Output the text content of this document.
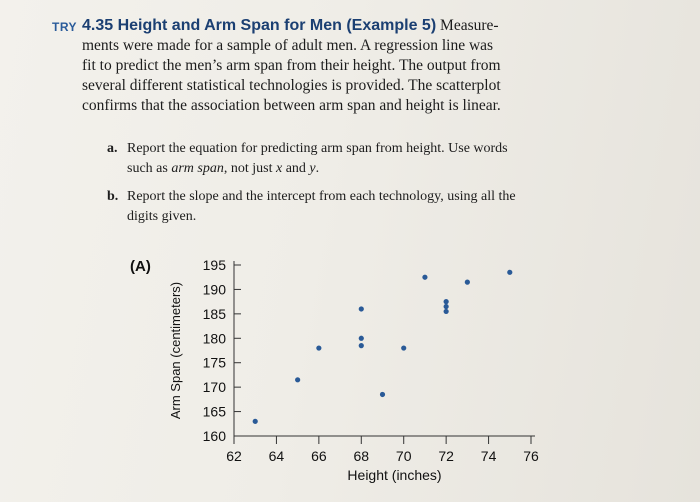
TRY 4.35 Height and Arm Span for Men (Example 5) Measure-
ments were made for a sample of adult men. A regression line was
fit to predict the men’s arm span from their height. The output from
several different statistical technologies is provided. The scatterplot
confirms that the association between arm span and height is linear.
a. Report the equation for predicting arm span from height. Use words
such as arm span, not just x and y.
b. Report the slope and the intercept from each technology, using all the
digits given.
(A)
160
165
170
175
180
185
190
195
62 64 66 68 70 72 74 76
Height (inches)
Arm Span (centimeters)
